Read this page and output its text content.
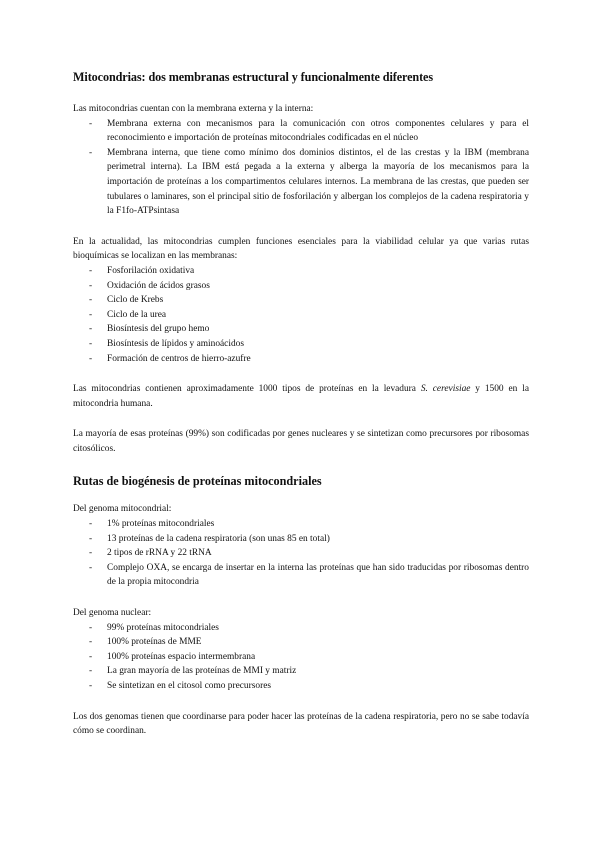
Mitocondrias: dos membranas estructural y funcionalmente diferentes

Las mitocondrias cuentan con la membrana externa y la interna:

- Membrana externa con mecanismos para la comunicación con otros componentes celulares y para el reconocimiento e importación de proteínas mitocondriales codificadas en el núcleo
- Membrana interna, que tiene como mínimo dos dominios distintos, el de las crestas y la IBM (membrana perimetral interna). La IBM está pegada a la externa y alberga la mayoría de los mecanismos para la importación de proteínas a los compartimentos celulares internos. La membrana de las crestas, que pueden ser tubulares o laminares, son el principal sitio de fosforilación y albergan los complejos de la cadena respiratoria y la F1fo-ATPsintasa

En la actualidad, las mitocondrias cumplen funciones esenciales para la viabilidad celular ya que varias rutas bioquímicas se localizan en las membranas:

- Fosforilación oxidativa
- Oxidación de ácidos grasos
- Ciclo de Krebs
- Ciclo de la urea
- Biosíntesis del grupo hemo
- Biosíntesis de lípidos y aminoácidos
- Formación de centros de hierro-azufre

Las mitocondrias contienen aproximadamente 1000 tipos de proteínas en la levadura S. cerevisiae y 1500 en la mitocondria humana.

La mayoría de esas proteínas (99%) son codificadas por genes nucleares y se sintetizan como precursores por ribosomas citosólicos.

Rutas de biogénesis de proteínas mitocondriales

Del genoma mitocondrial:

- 1% proteínas mitocondriales
- 13 proteínas de la cadena respiratoria (son unas 85 en total)
- 2 tipos de rRNA y 22 tRNA
- Complejo OXA, se encarga de insertar en la interna las proteínas que han sido traducidas por ribosomas dentro de la propia mitocondria

Del genoma nuclear:

- 99% proteínas mitocondriales
- 100% proteínas de MME
- 100% proteínas espacio intermembrana
- La gran mayoría de las proteínas de MMI y matriz
- Se sintetizan en el citosol como precursores

Los dos genomas tienen que coordinarse para poder hacer las proteínas de la cadena respiratoria, pero no se sabe todavía cómo se coordinan.
